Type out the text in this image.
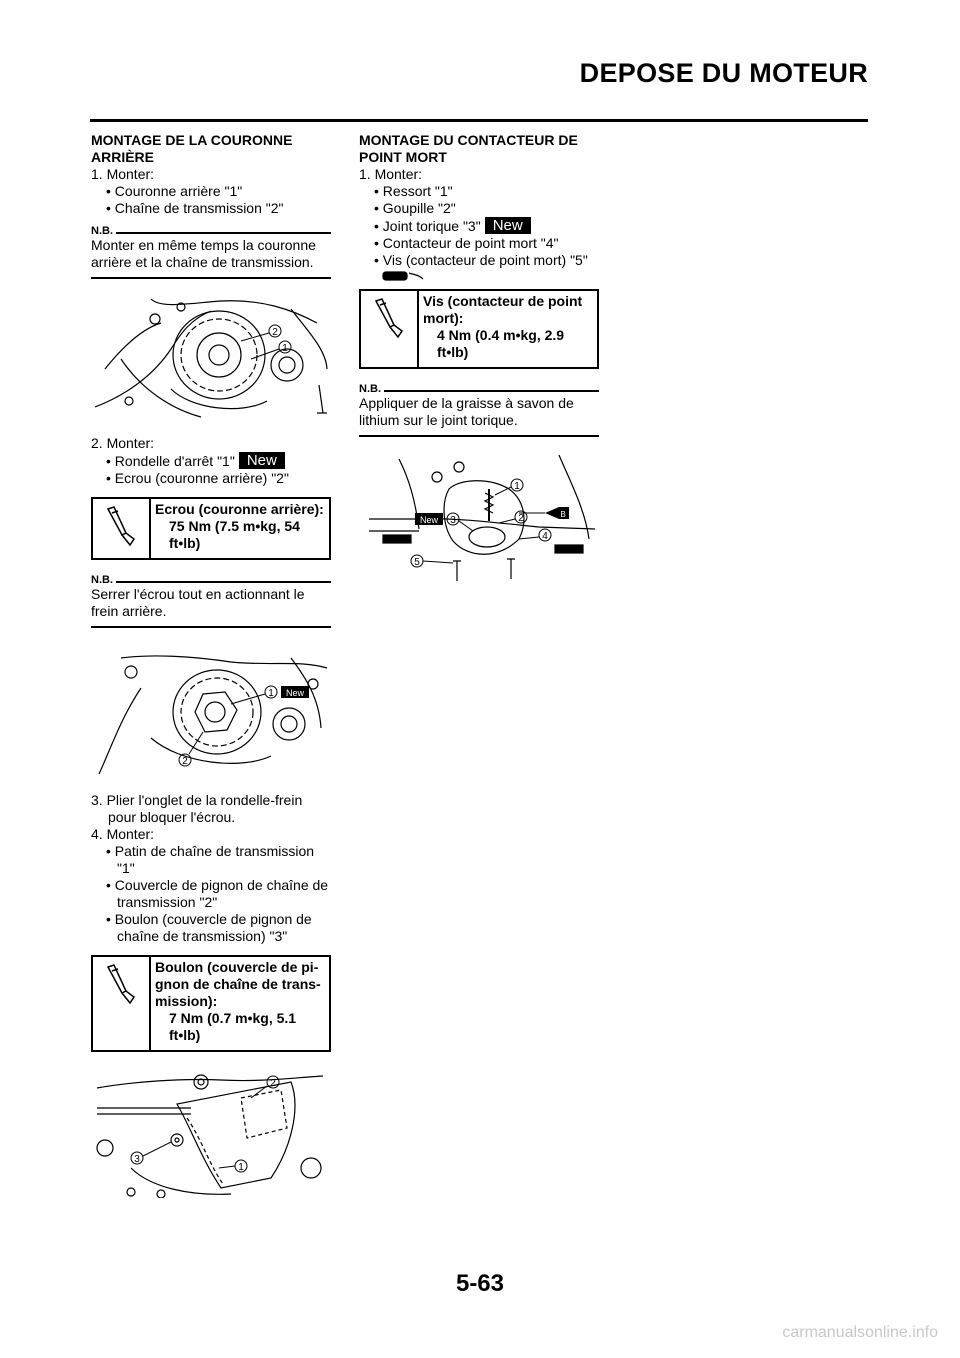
DEPOSE DU MOTEUR
MONTAGE DE LA COURONNE
ARRIÈRE

1. Monter:

• Couronne arrière "1"

• Chaîne de transmission "2"

N.B.

Monter en même temps la couronne arrière et la chaîne de transmission.

2
1

2. Monter:

• Rondelle d'arrêt "1" New

• Ecrou (couronne arrière) "2"

Ecrou (couronne arrière):

75 Nm (7.5 m•kg, 54

ft•lb)

N.B.

Serrer l'écrou tout en actionnant le frein arrière.

1 New
2

3. Plier l'onglet de la rondelle-frein pour bloquer l'écrou.

4. Monter:

• Patin de chaîne de transmission "1"

• Couvercle de pignon de chaîne de transmission "2"

• Boulon (couvercle de pignon de chaîne de transmission) "3"

Boulon (couvercle de pi-

gnon de chaîne de trans-

mission):

7 Nm (0.7 m•kg, 5.1

ft•lb)

2
3
1
MONTAGE DU CONTACTEUR DE
POINT MORT

1. Monter:

• Ressort "1"

• Goupille "2"

• Joint torique "3" New

• Contacteur de point mort "4"

• Vis (contacteur de point mort) "5"

Vis (contacteur de point

mort):

4 Nm (0.4 m•kg, 2.9

ft•lb)

N.B.

Appliquer de la graisse à savon de lithium sur le joint torique.

1
2
3
New
4
5
B
5-63
carmanualsonline.info
